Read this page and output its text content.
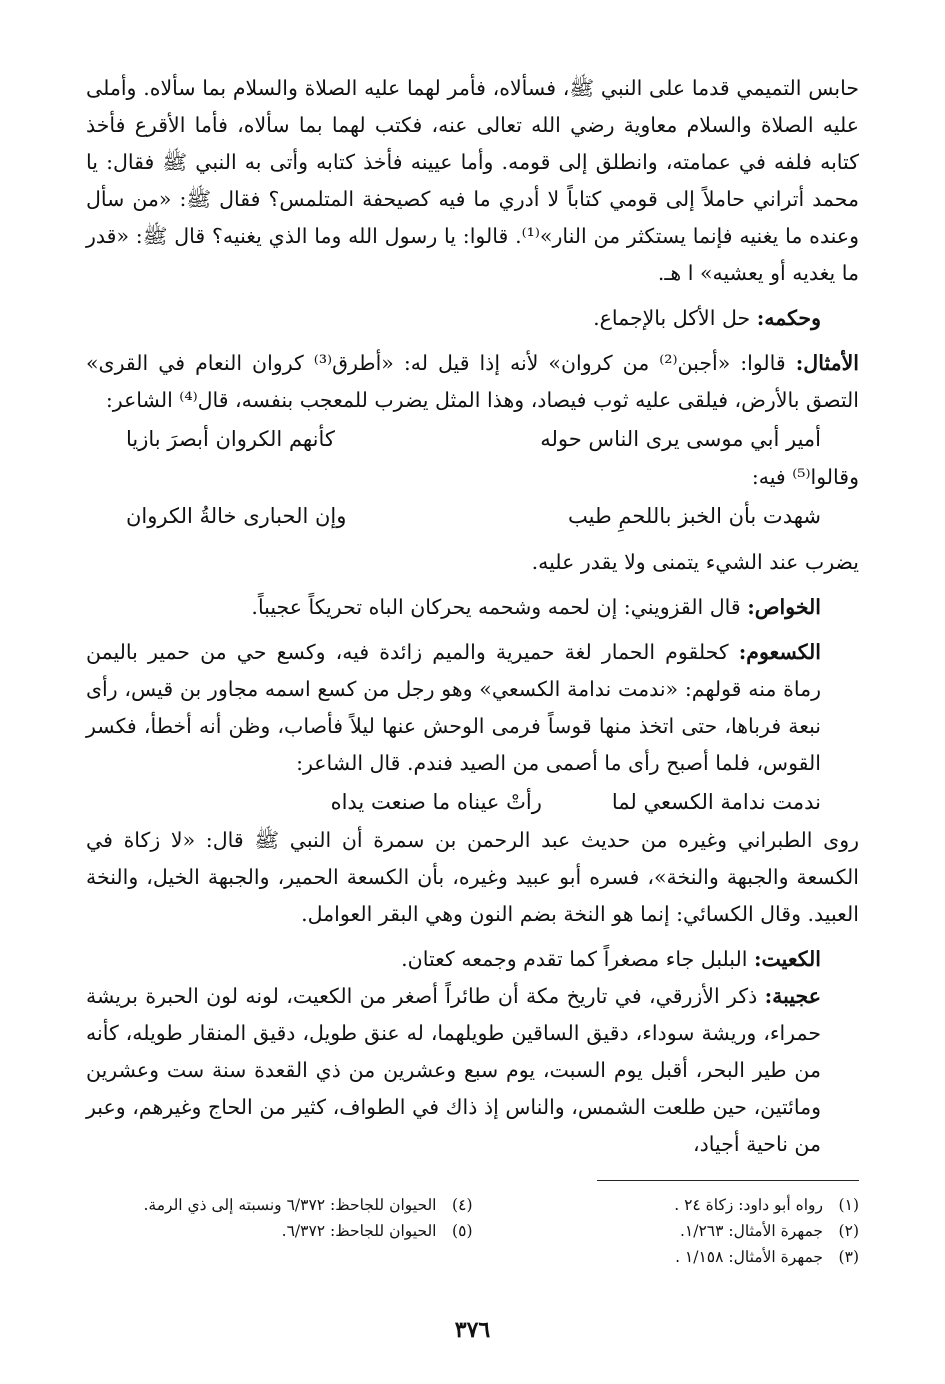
حابس التميمي قدما على النبي ﷺ، فسألاه، فأمر لهما عليه الصلاة والسلام بما سألاه. وأملى عليه الصلاة والسلام معاوية رضي الله تعالى عنه، فكتب لهما بما سألاه، فأما الأقرع فأخذ كتابه فلفه في عمامته، وانطلق إلى قومه. وأما عيينه فأخذ كتابه وأتى به النبي ﷺ فقال: يا محمد أتراني حاملاً إلى قومي كتاباً لا أدري ما فيه كصيحفة المتلمس؟ فقال ﷺ: «من سأل وعنده ما يغنيه فإنما يستكثر من النار»⁽¹⁾. قالوا: يا رسول الله وما الذي يغنيه؟ قال ﷺ: «قدر ما يغديه أو يعشيه» ا هـ.

وحكمه: حل الأكل بالإجماع.

الأمثال: قالوا: «أجبن⁽²⁾ من كروان» لأنه إذا قيل له: «أطرق⁽³⁾ كروان النعام في القرى» التصق بالأرض، فيلقى عليه ثوب فيصاد، وهذا المثل يضرب للمعجب بنفسه، قال⁽⁴⁾ الشاعر:

أمير أبي موسى يرى الناس حوله
كأنهم الكروان أبصرَ بازيا

وقالوا⁽⁵⁾ فيه:

شهدت بأن الخبز باللحمِ طيب
وإن الحبارى خالةُ الكروان

يضرب عند الشيء يتمنى ولا يقدر عليه.

الخواص: قال القزويني: إن لحمه وشحمه يحركان الباه تحريكاً عجيباً.

الكسعوم: كحلقوم الحمار لغة حميرية والميم زائدة فيه، وكسع حي من حمير باليمن رماة منه قولهم: «ندمت ندامة الكسعي» وهو رجل من كسع اسمه مجاور بن قيس، رأى نبعة فرباها، حتى اتخذ منها قوساً فرمى الوحش عنها ليلاً فأصاب، وظن أنه أخطأ، فكسر القوس، فلما أصبح رأى ما أصمى من الصيد فندم. قال الشاعر:

ندمت ندامة الكسعي لما
رأتْ عيناه ما صنعت يداه

روى الطبراني وغيره من حديث عبد الرحمن بن سمرة أن النبي ﷺ قال: «لا زكاة في الكسعة والجبهة والنخة»، فسره أبو عبيد وغيره، بأن الكسعة الحمير، والجبهة الخيل، والنخة العبيد. وقال الكسائي: إنما هو النخة بضم النون وهي البقر العوامل.

الكعيت: البلبل جاء مصغراً كما تقدم وجمعه كعتان.

عجيبة: ذكر الأزرقي، في تاريخ مكة أن طائراً أصغر من الكعيت، لونه لون الحبرة بريشة حمراء، وريشة سوداء، دقيق الساقين طويلهما، له عنق طويل، دقيق المنقار طويله، كأنه من طير البحر، أقبل يوم السبت، يوم سبع وعشرين من ذي القعدة سنة ست وعشرين ومائتين، حين طلعت الشمس، والناس إذ ذاك في الطواف، كثير من الحاج وغيرهم، وعبر من ناحية أجياد،

(١)رواه أبو داود: زكاة ٢٤ .
(٢)جمهرة الأمثال: ١/٢٦٣.
(٣)جمهرة الأمثال: ١/١٥٨ .
(٤)الحيوان للجاحظ: ٦/٣٧٢ ونسبته إلى ذي الرمة.
(٥)الحيوان للجاحظ: ٦/٣٧٢.
٣٧٦
